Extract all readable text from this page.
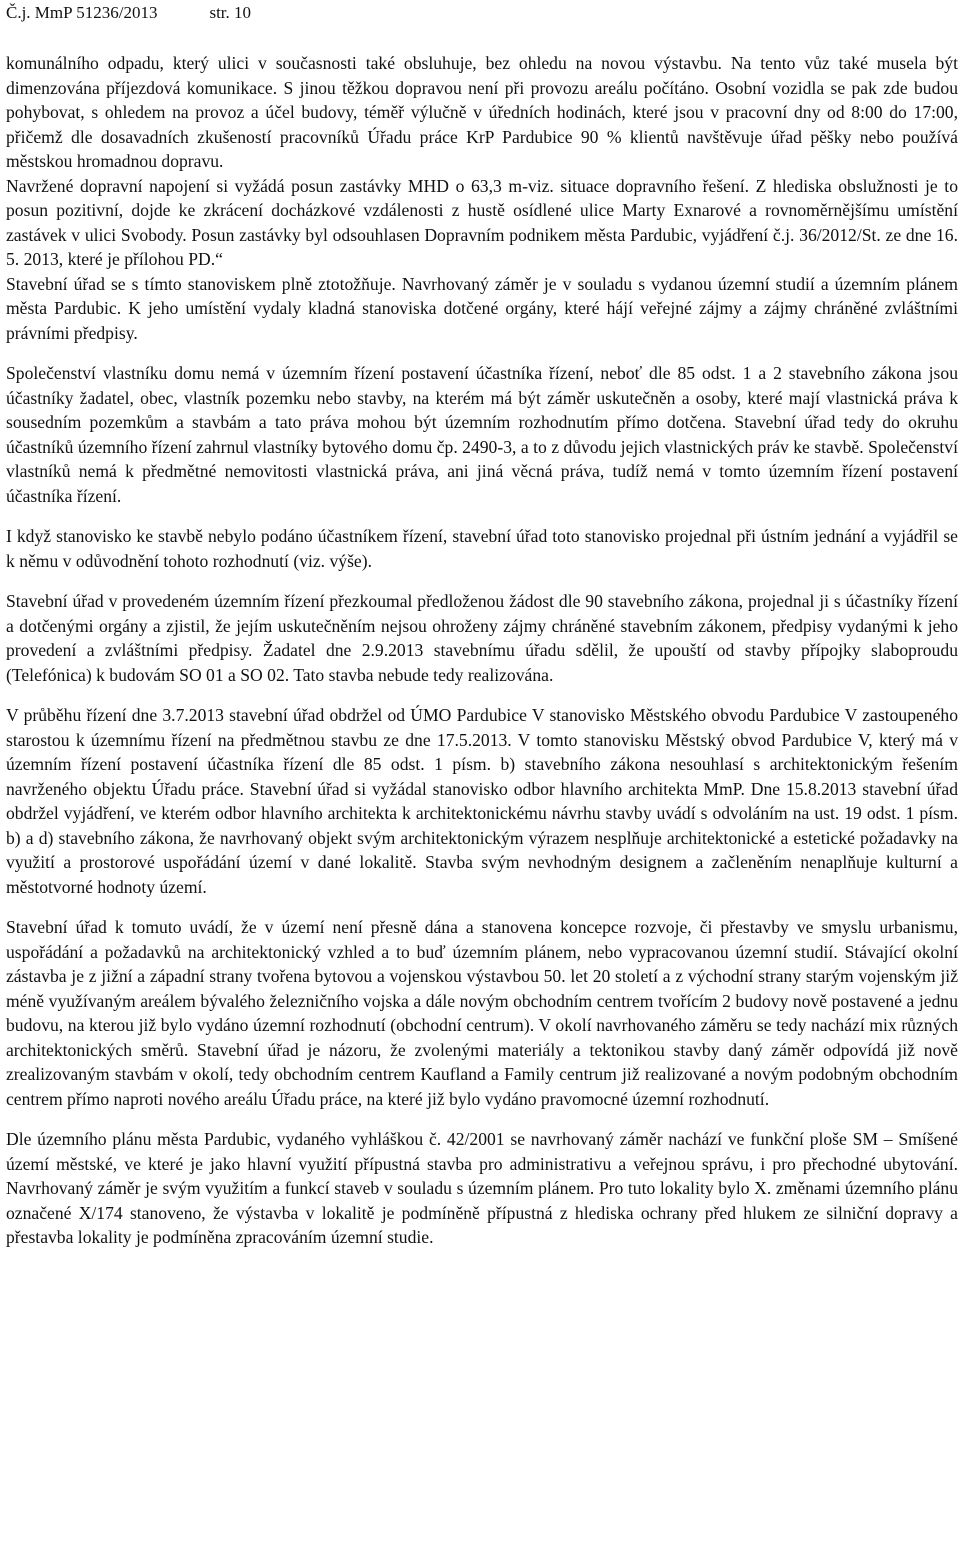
Č.j. MmP 51236/2013	str. 10

komunálního odpadu, který ulici v současnosti také obsluhuje, bez ohledu na novou výstavbu. Na tento vůz také musela být dimenzována příjezdová komunikace. S jinou těžkou dopravou není při provozu areálu počítáno. Osobní vozidla se pak zde budou pohybovat, s ohledem na provoz a účel budovy, téměř výlučně v úředních hodinách, které jsou v pracovní dny od 8:00 do 17:00, přičemž dle dosavadních zkušeností pracovníků Úřadu práce KrP Pardubice 90 % klientů navštěvuje úřad pěšky nebo používá městskou hromadnou dopravu.

Navržené dopravní napojení si vyžádá posun zastávky MHD o 63,3 m-viz. situace dopravního řešení. Z hlediska obslužnosti je to posun pozitivní, dojde ke zkrácení docházkové vzdálenosti z hustě osídlené ulice Marty Exnarové a rovnoměrnějšímu umístění zastávek v ulici Svobody. Posun zastávky byl odsouhlasen Dopravním podnikem města Pardubic, vyjádření č.j. 36/2012/St. ze dne 16. 5. 2013, které je přílohou PD.“

Stavební úřad se s tímto stanoviskem plně ztotožňuje. Navrhovaný záměr je v souladu s vydanou územní studií a územním plánem města Pardubic. K jeho umístění vydaly kladná stanoviska dotčené orgány, které hájí veřejné zájmy a zájmy chráněné zvláštními právními předpisy.

Společenství vlastníku domu nemá v územním řízení postavení účastníka řízení, neboť dle 85 odst. 1 a 2 stavebního zákona jsou účastníky žadatel, obec, vlastník pozemku nebo stavby, na kterém má být záměr uskutečněn a osoby, které mají vlastnická práva k sousedním pozemkům a stavbám a tato práva mohou být územním rozhodnutím přímo dotčena. Stavební úřad tedy do okruhu účastníků územního řízení zahrnul vlastníky bytového domu čp. 2490-3, a to z důvodu jejich vlastnických práv ke stavbě. Společenství vlastníků nemá k předmětné nemovitosti vlastnická práva, ani jiná věcná práva, tudíž nemá v tomto územním řízení postavení účastníka řízení.

I když stanovisko ke stavbě nebylo podáno účastníkem řízení, stavební úřad toto stanovisko projednal při ústním jednání a vyjádřil se k němu v odůvodnění tohoto rozhodnutí (viz. výše).

Stavební úřad v provedeném územním řízení přezkoumal předloženou žádost dle 90 stavebního zákona, projednal ji s účastníky řízení a dotčenými orgány a zjistil, že jejím uskutečněním nejsou ohroženy zájmy chráněné stavebním zákonem, předpisy vydanými k jeho provedení a zvláštními předpisy. Žadatel dne 2.9.2013 stavebnímu úřadu sdělil, že upouští od stavby přípojky slaboproudu (Telefónica) k budovám SO 01 a SO 02. Tato stavba nebude tedy realizována.

V průběhu řízení dne 3.7.2013 stavební úřad obdržel od ÚMO Pardubice V stanovisko Městského obvodu Pardubice V zastoupeného starostou k územnímu řízení na předmětnou stavbu ze dne 17.5.2013. V tomto stanovisku Městský obvod Pardubice V, který má v územním řízení postavení účastníka řízení dle 85 odst. 1 písm. b) stavebního zákona nesouhlasí s architektonickým řešením navrženého objektu Úřadu práce. Stavební úřad si vyžádal stanovisko odbor hlavního architekta MmP. Dne 15.8.2013 stavební úřad obdržel vyjádření, ve kterém odbor hlavního architekta k architektonickému návrhu stavby uvádí s odvoláním na ust. 19 odst. 1 písm. b) a d) stavebního zákona, že navrhovaný objekt svým architektonickým výrazem nesplňuje architektonické a estetické požadavky na využití a prostorové uspořádání území v dané lokalitě. Stavba svým nevhodným designem a začleněním nenaplňuje kulturní a městotvorné hodnoty území.

Stavební úřad k tomuto uvádí, že v území není přesně dána a stanovena koncepce rozvoje, či přestavby ve smyslu urbanismu, uspořádání a požadavků na architektonický vzhled a to buď územním plánem, nebo vypracovanou územní studií. Stávající okolní zástavba je z jižní a západní strany tvořena bytovou a vojenskou výstavbou 50. let 20 století a z východní strany starým vojenským již méně využívaným areálem bývalého železničního vojska a dále novým obchodním centrem tvořícím 2 budovy nově postavené a jednu budovu, na kterou již bylo vydáno územní rozhodnutí (obchodní centrum). V okolí navrhovaného záměru se tedy nachází mix různých architektonických směrů. Stavební úřad je názoru, že zvolenými materiály a tektonikou stavby daný záměr odpovídá již nově zrealizovaným stavbám v okolí, tedy obchodním centrem Kaufland a Family centrum již realizované a novým podobným obchodním centrem přímo naproti nového areálu Úřadu práce, na které již bylo vydáno pravomocné územní rozhodnutí.

Dle územního plánu města Pardubic, vydaného vyhláškou č. 42/2001 se navrhovaný záměr nachází ve funkční ploše SM – Smíšené území městské, ve které je jako hlavní využití přípustná stavba pro administrativu a veřejnou správu, i pro přechodné ubytování. Navrhovaný záměr je svým využitím a funkcí staveb v souladu s územním plánem. Pro tuto lokality bylo X. změnami územního plánu označené X/174 stanoveno, že výstavba v lokalitě je podmíněně přípustná z hlediska ochrany před hlukem ze silniční dopravy a přestavba lokality je podmíněna zpracováním územní studie.
